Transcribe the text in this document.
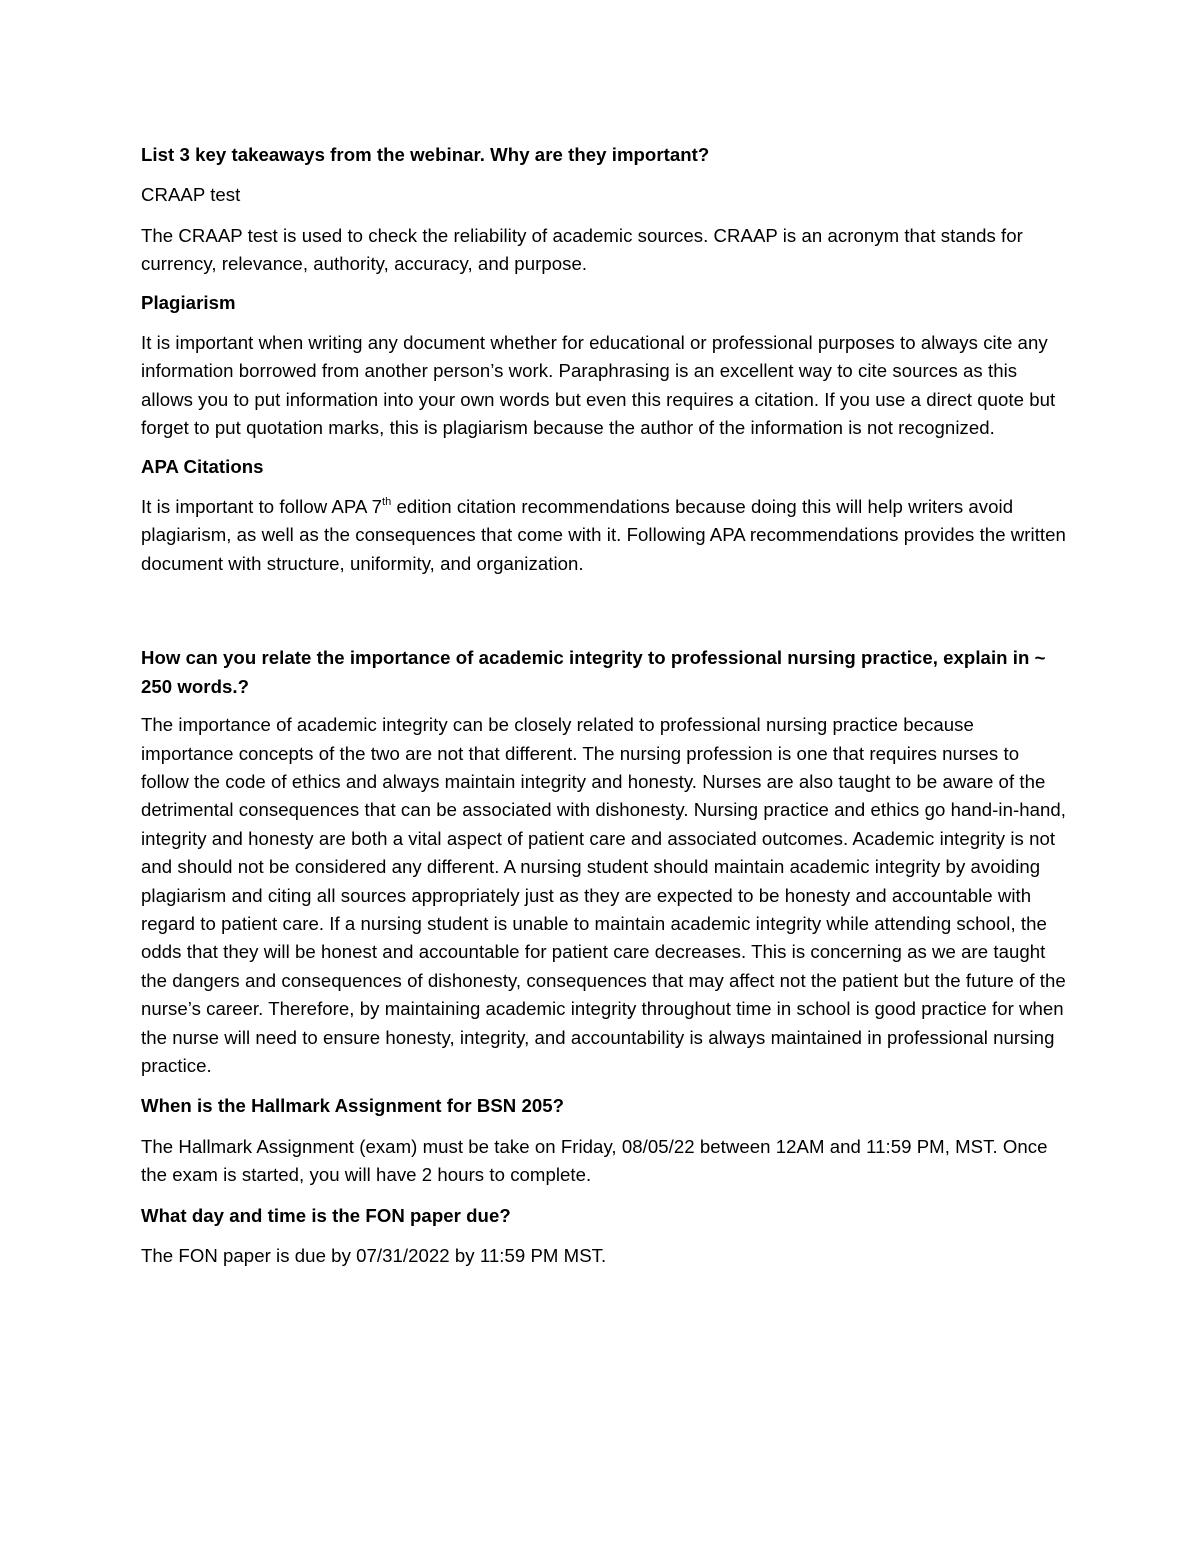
List 3 key takeaways from the webinar. Why are they important?

CRAAP test

The CRAAP test is used to check the reliability of academic sources. CRAAP is an acronym that stands for currency, relevance, authority, accuracy, and purpose.

Plagiarism

It is important when writing any document whether for educational or professional purposes to always cite any information borrowed from another person’s work. Paraphrasing is an excellent way to cite sources as this allows you to put information into your own words but even this requires a citation. If you use a direct quote but forget to put quotation marks, this is plagiarism because the author of the information is not recognized.

APA Citations

It is important to follow APA 7th edition citation recommendations because doing this will help writers avoid plagiarism, as well as the consequences that come with it. Following APA recommendations provides the written document with structure, uniformity, and organization.

How can you relate the importance of academic integrity to professional nursing practice, explain in ~ 250 words.?

The importance of academic integrity can be closely related to professional nursing practice because importance concepts of the two are not that different. The nursing profession is one that requires nurses to follow the code of ethics and always maintain integrity and honesty. Nurses are also taught to be aware of the detrimental consequences that can be associated with dishonesty. Nursing practice and ethics go hand-in-hand, integrity and honesty are both a vital aspect of patient care and associated outcomes. Academic integrity is not and should not be considered any different. A nursing student should maintain academic integrity by avoiding plagiarism and citing all sources appropriately just as they are expected to be honesty and accountable with regard to patient care. If a nursing student is unable to maintain academic integrity while attending school, the odds that they will be honest and accountable for patient care decreases. This is concerning as we are taught the dangers and consequences of dishonesty, consequences that may affect not the patient but the future of the nurse’s career. Therefore, by maintaining academic integrity throughout time in school is good practice for when the nurse will need to ensure honesty, integrity, and accountability is always maintained in professional nursing practice.

When is the Hallmark Assignment for BSN 205?

The Hallmark Assignment (exam) must be take on Friday, 08/05/22 between 12AM and 11:59 PM, MST. Once the exam is started, you will have 2 hours to complete.

What day and time is the FON paper due?

The FON paper is due by 07/31/2022 by 11:59 PM MST.
